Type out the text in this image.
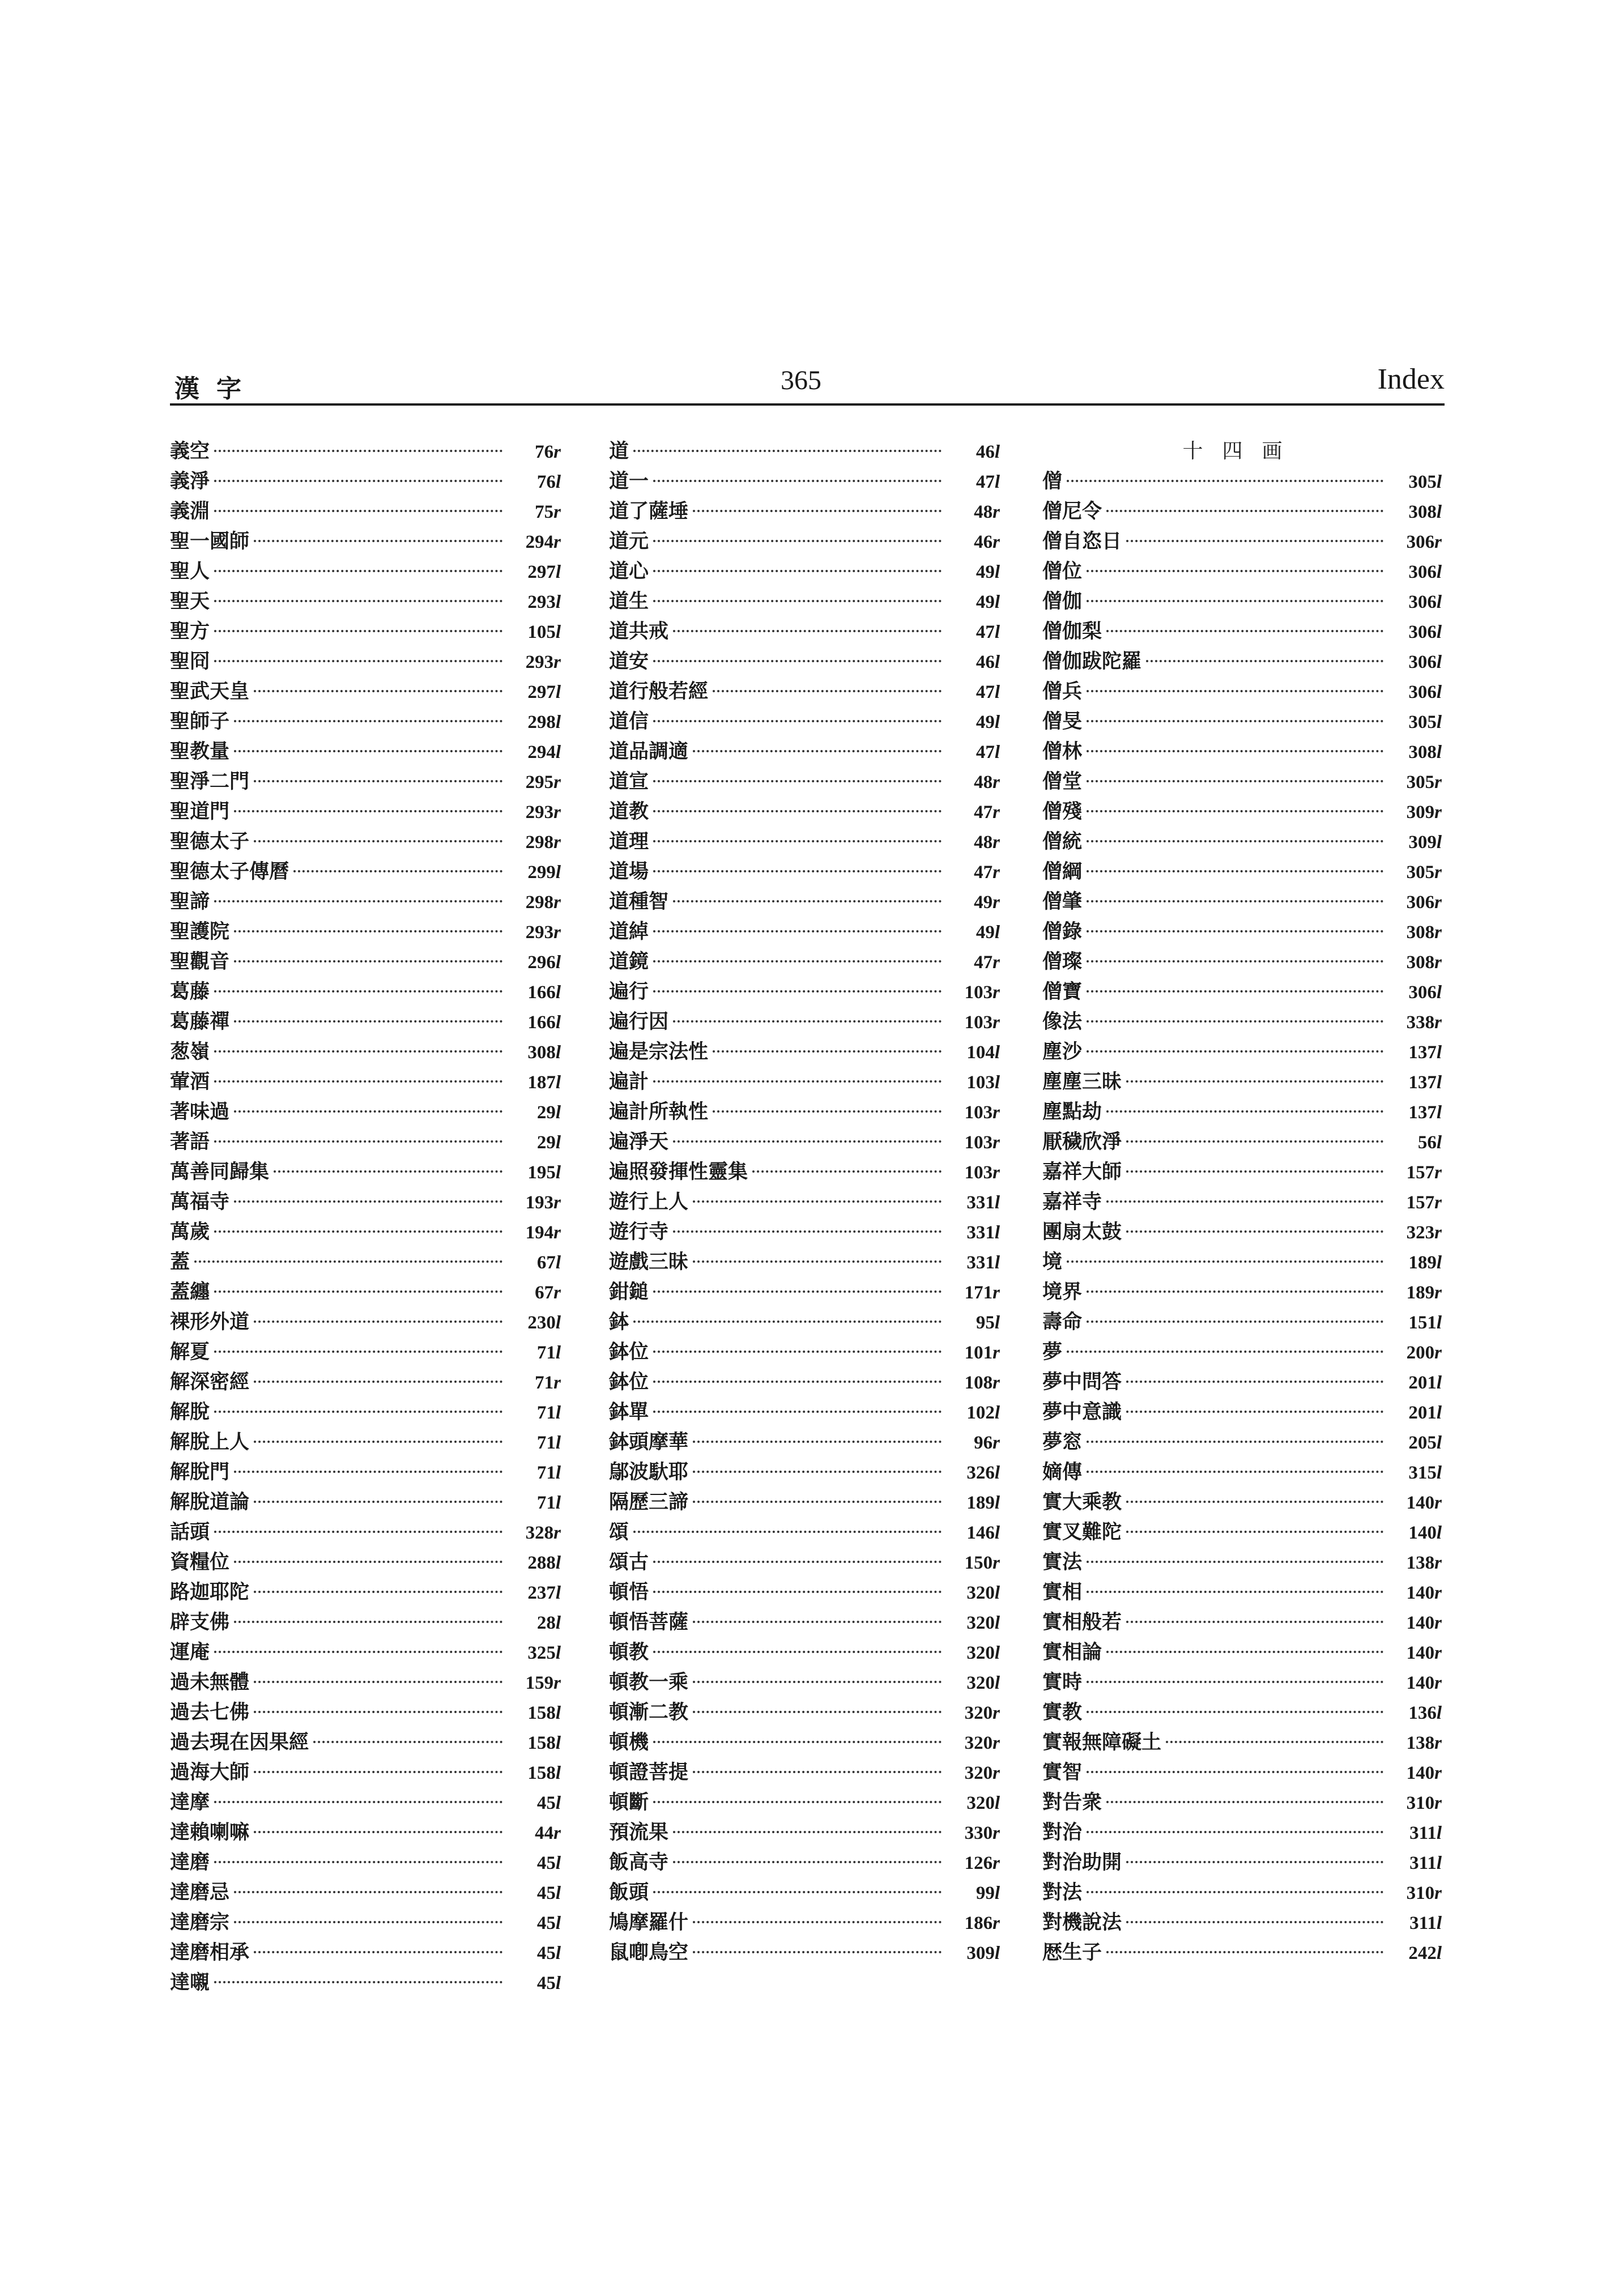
漢字	365	Index
義空	76r
義淨	76l
義淵	75r
聖一國師	294r
聖人	297l
聖天	293l
聖方	105l
聖冏	293r
聖武天皇	297l
聖師子	298l
聖教量	294l
聖淨二門	295r
聖道門	293r
聖德太子	298r
聖德太子傳曆	299l
聖諦	298r
聖護院	293r
聖觀音	296l
葛藤	166l
葛藤禪	166l
葱嶺	308l
葷酒	187l
著味過	29l
著語	29l
萬善同歸集	195l
萬福寺	193r
萬歲	194r
蓋	67l
蓋纏	67r
裸形外道	230l
解夏	71l
解深密經	71r
解脫	71l
解脫上人	71l
解脫門	71l
解脫道論	71l
話頭	328r
資糧位	288l
路迦耶陀	237l
辟支佛	28l
運庵	325l
過未無體	159r
過去七佛	158l
過去現在因果經	158l
過海大師	158l
達摩	45l
達賴喇嘛	44r
達磨	45l
達磨忌	45l
達磨宗	45l
達磨相承	45l
達嚫	45l
道	46l
道一	47l
道了薩埵	48r
道元	46r
道心	49l
道生	49l
道共戒	47l
道安	46l
道行般若經	47l
道信	49l
道品調適	47l
道宣	48r
道教	47r
道理	48r
道場	47r
道種智	49r
道綽	49l
道鏡	47r
遍行	103r
遍行因	103r
遍是宗法性	104l
遍計	103l
遍計所執性	103r
遍淨天	103r
遍照發揮性靈集	103r
遊行上人	331l
遊行寺	331l
遊戲三昧	331l
鉗鎚	171r
鉢	95l
鉢位	101r
鉢位	108r
鉢單	102l
鉢頭摩華	96r
鄔波馱耶	326l
隔歷三諦	189l
頌	146l
頌古	150r
頓悟	320l
頓悟菩薩	320l
頓教	320l
頓教一乘	320l
頓漸二教	320r
頓機	320r
頓證菩提	320r
頓斷	320l
預流果	330r
飯高寺	126r
飯頭	99l
鳩摩羅什	186r
鼠喞鳥空	309l
十四画
僧	305l
僧尼令	308l
僧自恣日	306r
僧位	306l
僧伽	306l
僧伽梨	306l
僧伽跋陀羅	306l
僧兵	306l
僧旻	305l
僧林	308l
僧堂	305r
僧殘	309r
僧統	309l
僧綱	305r
僧肇	306r
僧錄	308r
僧璨	308r
僧寶	306l
像法	338r
塵沙	137l
塵塵三昧	137l
塵點劫	137l
厭穢欣淨	56l
嘉祥大師	157r
嘉祥寺	157r
團扇太鼓	323r
境	189l
境界	189r
壽命	151l
夢	200r
夢中問答	201l
夢中意識	201l
夢窓	205l
嫡傳	315l
實大乘教	140r
實叉難陀	140l
實法	138r
實相	140r
實相般若	140r
實相論	140r
實時	140r
實教	136l
實報無障礙土	138r
實智	140r
對告衆	310r
對治	311l
對治助開	311l
對法	310r
對機說法	311l
厯生子	242l
